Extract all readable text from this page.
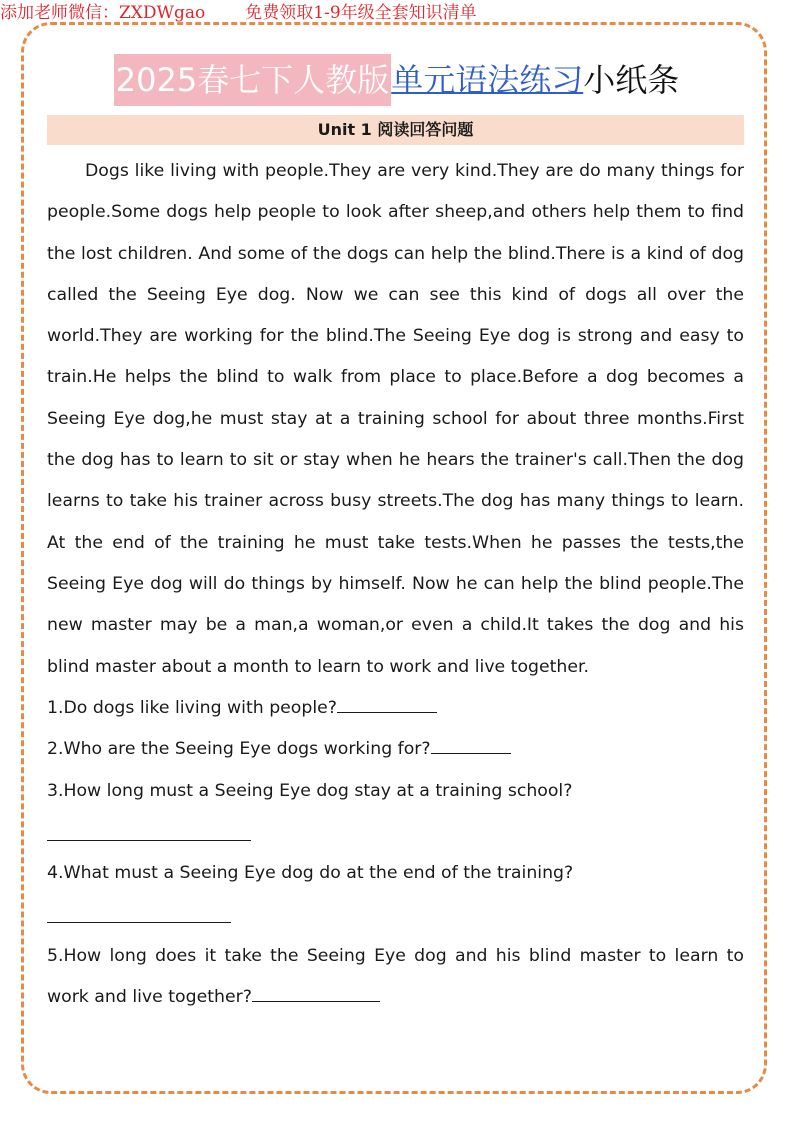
添加老师微信：ZXDWgao 免费领取1-9年级全套知识清单
2025春七下人教版单元语法练习小纸条
Unit 1 阅读回答问题

Dogs like living with people.They are very kind.They are do many things for people.Some dogs help people to look after sheep,and others help them to find the lost children. And some of the dogs can help the blind.There is a kind of dog called the Seeing Eye dog. Now we can see this kind of dogs all over the world.They are working for the blind.The Seeing Eye dog is strong and easy to train.He helps the blind to walk from place to place.Before a dog becomes a Seeing Eye dog,he must stay at a training school for about three months.First the dog has to learn to sit or stay when he hears the trainer's call.Then the dog learns to take his trainer across busy streets.The dog has many things to learn. At the end of the training he must take tests.When he passes the tests,the Seeing Eye dog will do things by himself. Now he can help the blind people.The new master may be a man,a woman,or even a child.It takes the dog and his blind master about a month to learn to work and live together.

1.Do dogs like living with people?
2.Who are the Seeing Eye dogs working for?
3.How long must a Seeing Eye dog stay at a training school?
4.What must a Seeing Eye dog do at the end of the training?
5.How long does it take the Seeing Eye dog and his blind master to learn to work and live together?
